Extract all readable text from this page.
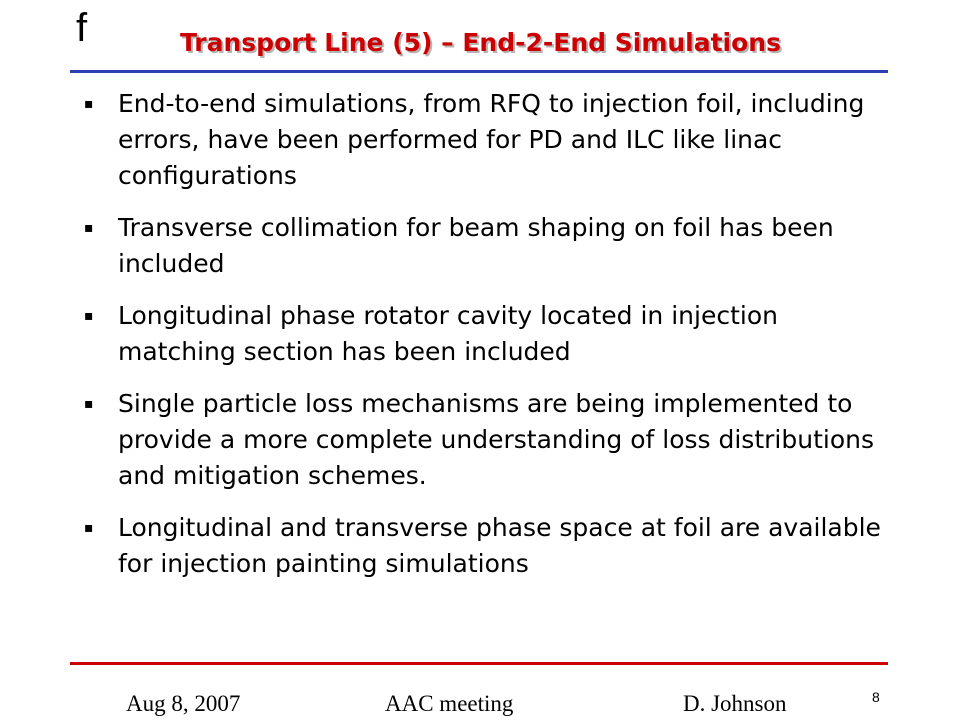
f	Transport Line (5) – End-2-End Simulations
▪ End-to-end simulations, from RFQ to injection foil, including errors, have been performed for PD and ILC like linac configurations
▪ Transverse collimation for beam shaping on foil has been included
▪ Longitudinal phase rotator cavity located in injection matching section has been included
▪ Single particle loss mechanisms are being implemented to provide a more complete understanding of loss distributions and mitigation schemes.
▪ Longitudinal and transverse phase space at foil are available for injection painting simulations
Aug 8, 2007	AAC meeting	D. Johnson	8
